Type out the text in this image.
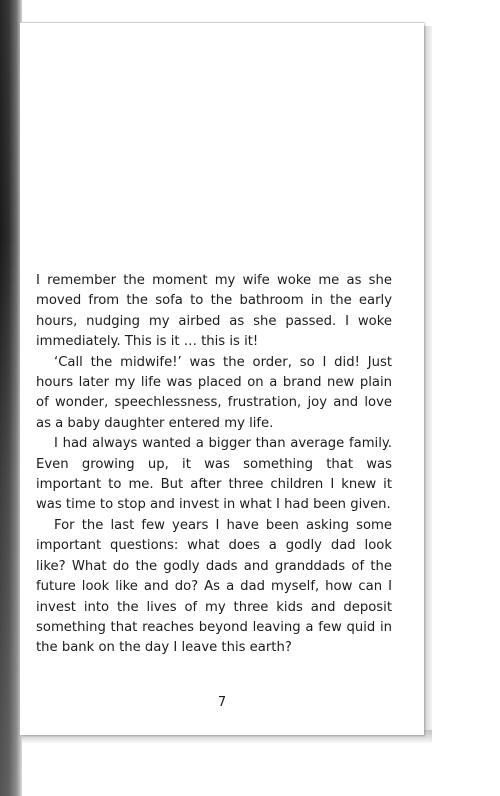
I remember the moment my wife woke me as she moved from the sofa to the bathroom in the early hours, nudging my airbed as she passed. I woke immediately. This is it … this is it!

‘Call the midwife!’ was the order, so I did! Just hours later my life was placed on a brand new plain of wonder, speechlessness, frustration, joy and love as a baby daughter entered my life.

I had always wanted a bigger than average family. Even growing up, it was something that was important to me. But after three children I knew it was time to stop and invest in what I had been given.

For the last few years I have been asking some important questions: what does a godly dad look like? What do the godly dads and granddads of the future look like and do? As a dad myself, how can I invest into the lives of my three kids and deposit something that reaches beyond leaving a few quid in the bank on the day I leave this earth?

7
